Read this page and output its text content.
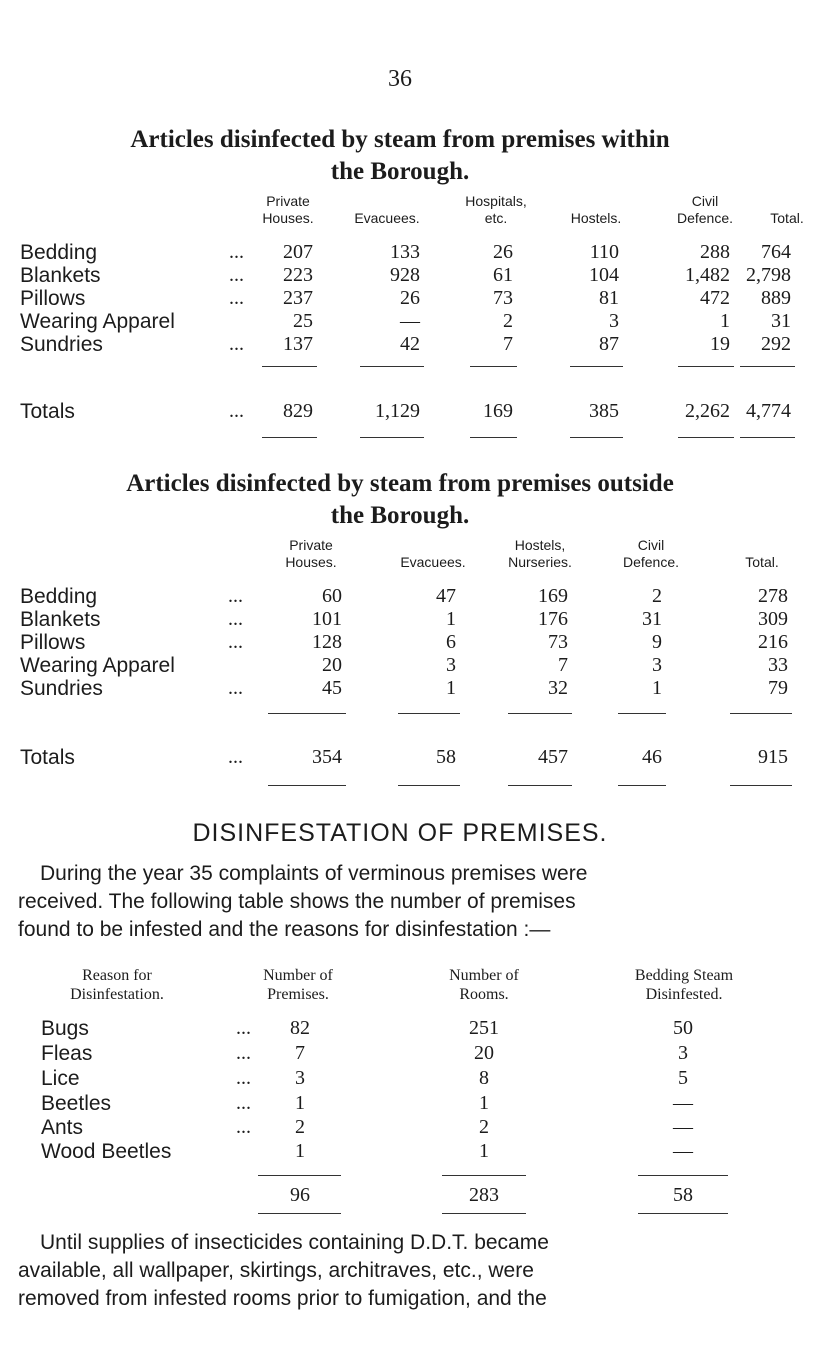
36
Articles disinfected by steam from premises within
the Borough.
Private
Houses.	Evacuees.
Hospitals,
etc.	Hostels.
Civil
Defence.	Total.
Bedding	...	207	133	26	110	288	764
Blankets	...	223	928	61	104	1,482 2,798
Pillows	...	237	26	73	81	472	889
Wearing Apparel	25	—	2	3	1	31
Sundries	...	137	42	7	87	19	292
Totals	...	829	1,129	169	385	2,262 4,774
Articles disinfected by steam from premises outside
the Borough.
Private
Houses.	Evacuees.
Hostels,
Nurseries.
Civil
Defence.	Total.
Bedding	...	60	47	169	2	278
Blankets	...	101	1	176	31	309
Pillows	...	128	6	73	9	216
Wearing Apparel	20	3	7	3	33
Sundries	...	45	1	32	1	79
Totals	...	354	58	457	46	915
DISINFESTATION OF PREMISES.
During the year 35 complaints of verminous premises were
received. The following table shows the number of premises
found to be infested and the reasons for disinfestation :—
Reason for
Disinfestation.
Number of
Premises.
Number of
Rooms.
Bedding Steam
Disinfested.
Bugs	...	82	251	50
Fleas	...	7	20	3
Lice	...	3	8	5
Beetles	...	1	1	—
Ants	...	2	2	—
Wood Beetles	1	1	—
96	283	58
Until supplies of insecticides containing D.D.T. became
available, all wallpaper, skirtings, architraves, etc., were
removed from infested rooms prior to fumigation, and the
